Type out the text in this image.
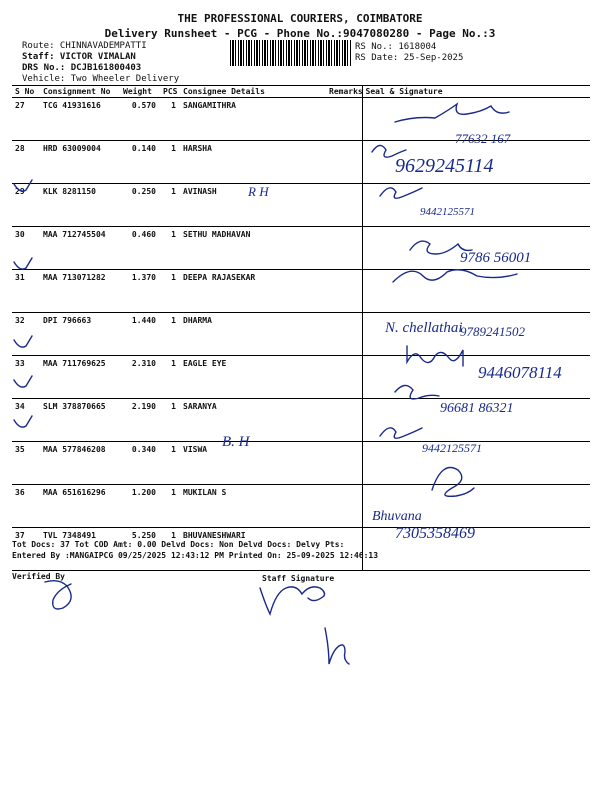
THE PROFESSIONAL COURIERS, COIMBATORE
Delivery Runsheet - PCG - Phone No.:9047080280 - Page No.:3
Route: CHINNAVADEMPATTI
Staff: VICTOR VIMALAN
DRS No.: DCJB161800403
Vehicle: Two Wheeler Delivery
RS No.: 1618004
RS Date: 25-Sep-2025
S No	Consignment No	Weight	PCS	Consignee Details	Remarks	Seal & Signature
27	TCG 41931616	0.570	1	SANGAMITHRA		
28	HRD 63009004	0.140	1	HARSHA		
29	KLK 8281150	0.250	1	AVINASH		
30	MAA 712745504	0.460	1	SETHU MADHAVAN		
31	MAA 713071282	1.370	1	DEEPA RAJASEKAR		
32	DPI 796663	1.440	1	DHARMA		
33	MAA 711769625	2.310	1	EAGLE EYE		
34	SLM 378870665	2.190	1	SARANYA		
35	MAA 577846208	0.340	1	VISWA		
36	MAA 651616296	1.200	1	MUKILAN S		
37	TVL 7348491	5.250	1	BHUVANESHWARI		
77632 167
9629245114
R H
9442125571
9786 56001
N. chellathai
9789241502
9446078114
96681 86321
B. H	9442125571
Bhuvana
7305358469
Tot Docs: 37 Tot COD Amt: 0.00 Delvd Docs: Non Delvd Docs: Delvy Pts:
Entered By :MANGAIPCG 09/25/2025 12:43:12 PM Printed On: 25-09-2025 12:46:13
Verified By	Staff Signature
